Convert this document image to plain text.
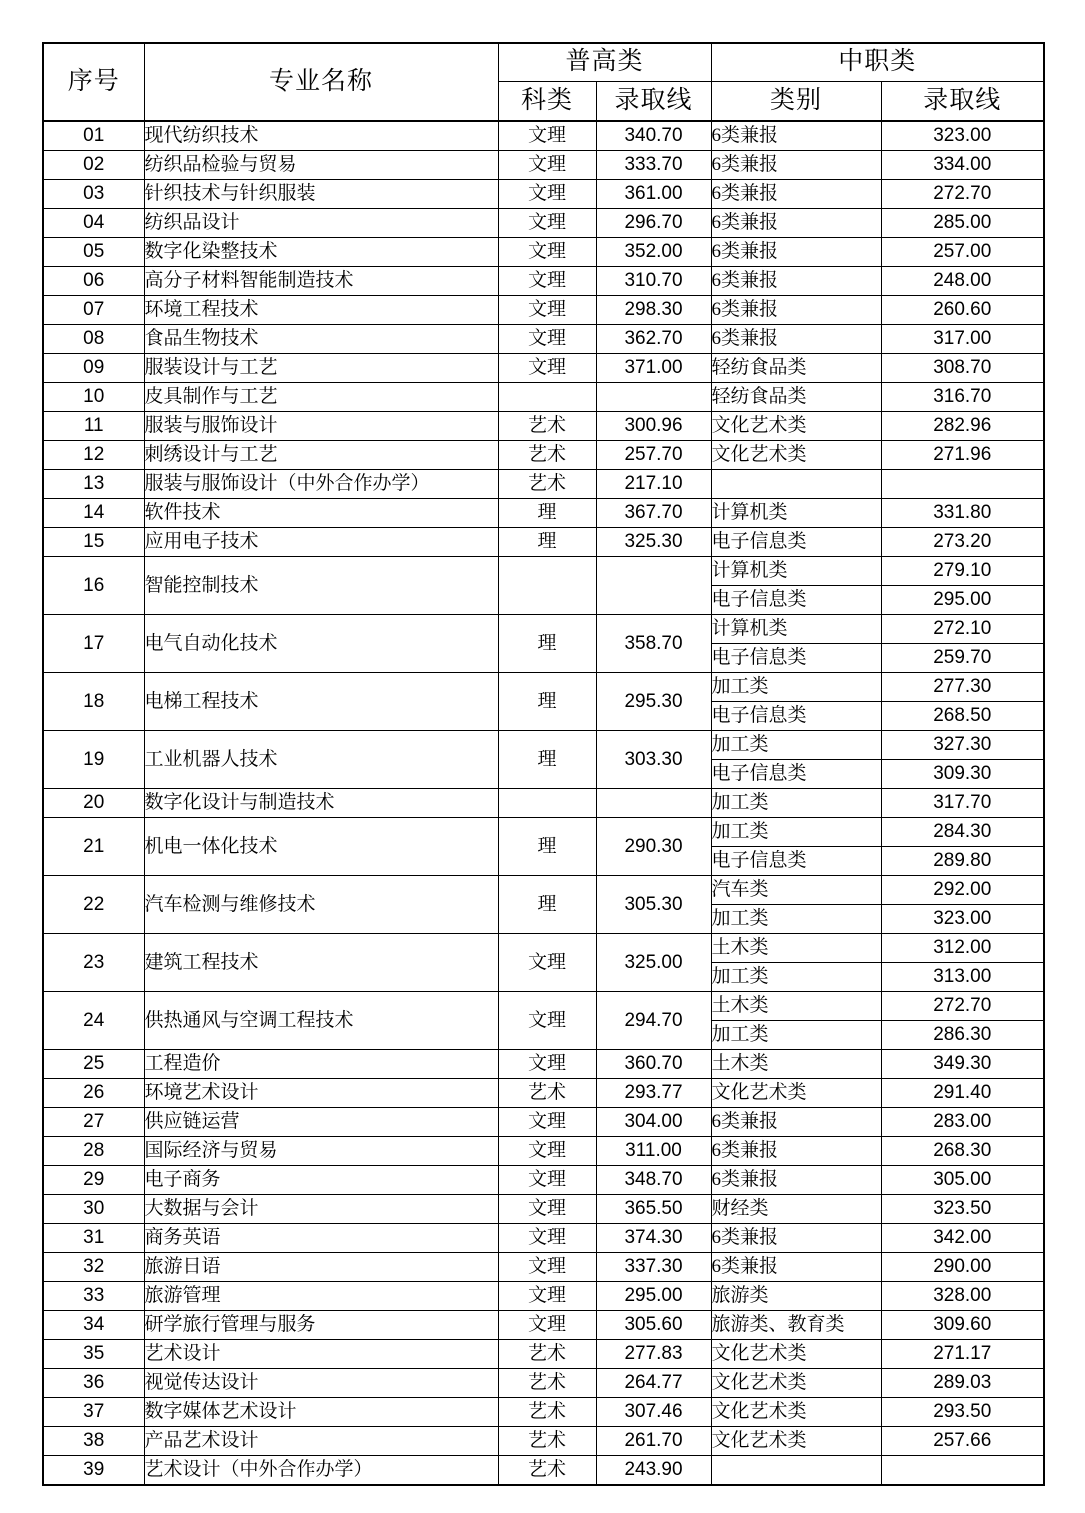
序号	专业名称	普高类		中职类	
		科类	录取线	类别	录取线
01	现代纺织技术	文理	340.70	6类兼报	323.00
02	纺织品检验与贸易	文理	333.70	6类兼报	334.00
03	针织技术与针织服装	文理	361.00	6类兼报	272.70
04	纺织品设计	文理	296.70	6类兼报	285.00
05	数字化染整技术	文理	352.00	6类兼报	257.00
06	高分子材料智能制造技术	文理	310.70	6类兼报	248.00
07	环境工程技术	文理	298.30	6类兼报	260.60
08	食品生物技术	文理	362.70	6类兼报	317.00
09	服装设计与工艺	文理	371.00	轻纺食品类	308.70
10	皮具制作与工艺			轻纺食品类	316.70
11	服装与服饰设计	艺术	300.96	文化艺术类	282.96
12	刺绣设计与工艺	艺术	257.70	文化艺术类	271.96
13	服装与服饰设计（中外合作办学）	艺术	217.10		
14	软件技术	理	367.70	计算机类	331.80
15	应用电子技术	理	325.30	电子信息类	273.20
16	智能控制技术			计算机类	279.10
				电子信息类	295.00
17	电气自动化技术	理	358.70	计算机类	272.10
				电子信息类	259.70
18	电梯工程技术	理	295.30	加工类	277.30
				电子信息类	268.50
19	工业机器人技术	理	303.30	加工类	327.30
				电子信息类	309.30
20	数字化设计与制造技术			加工类	317.70
21	机电一体化技术	理	290.30	加工类	284.30
				电子信息类	289.80
22	汽车检测与维修技术	理	305.30	汽车类	292.00
				加工类	323.00
23	建筑工程技术	文理	325.00	土木类	312.00
				加工类	313.00
24	供热通风与空调工程技术	文理	294.70	土木类	272.70
				加工类	286.30
25	工程造价	文理	360.70	土木类	349.30
26	环境艺术设计	艺术	293.77	文化艺术类	291.40
27	供应链运营	文理	304.00	6类兼报	283.00
28	国际经济与贸易	文理	311.00	6类兼报	268.30
29	电子商务	文理	348.70	6类兼报	305.00
30	大数据与会计	文理	365.50	财经类	323.50
31	商务英语	文理	374.30	6类兼报	342.00
32	旅游日语	文理	337.30	6类兼报	290.00
33	旅游管理	文理	295.00	旅游类	328.00
34	研学旅行管理与服务	文理	305.60	旅游类、教育类	309.60
35	艺术设计	艺术	277.83	文化艺术类	271.17
36	视觉传达设计	艺术	264.77	文化艺术类	289.03
37	数字媒体艺术设计	艺术	307.46	文化艺术类	293.50
38	产品艺术设计	艺术	261.70	文化艺术类	257.66
39	艺术设计（中外合作办学）	艺术	243.90		
